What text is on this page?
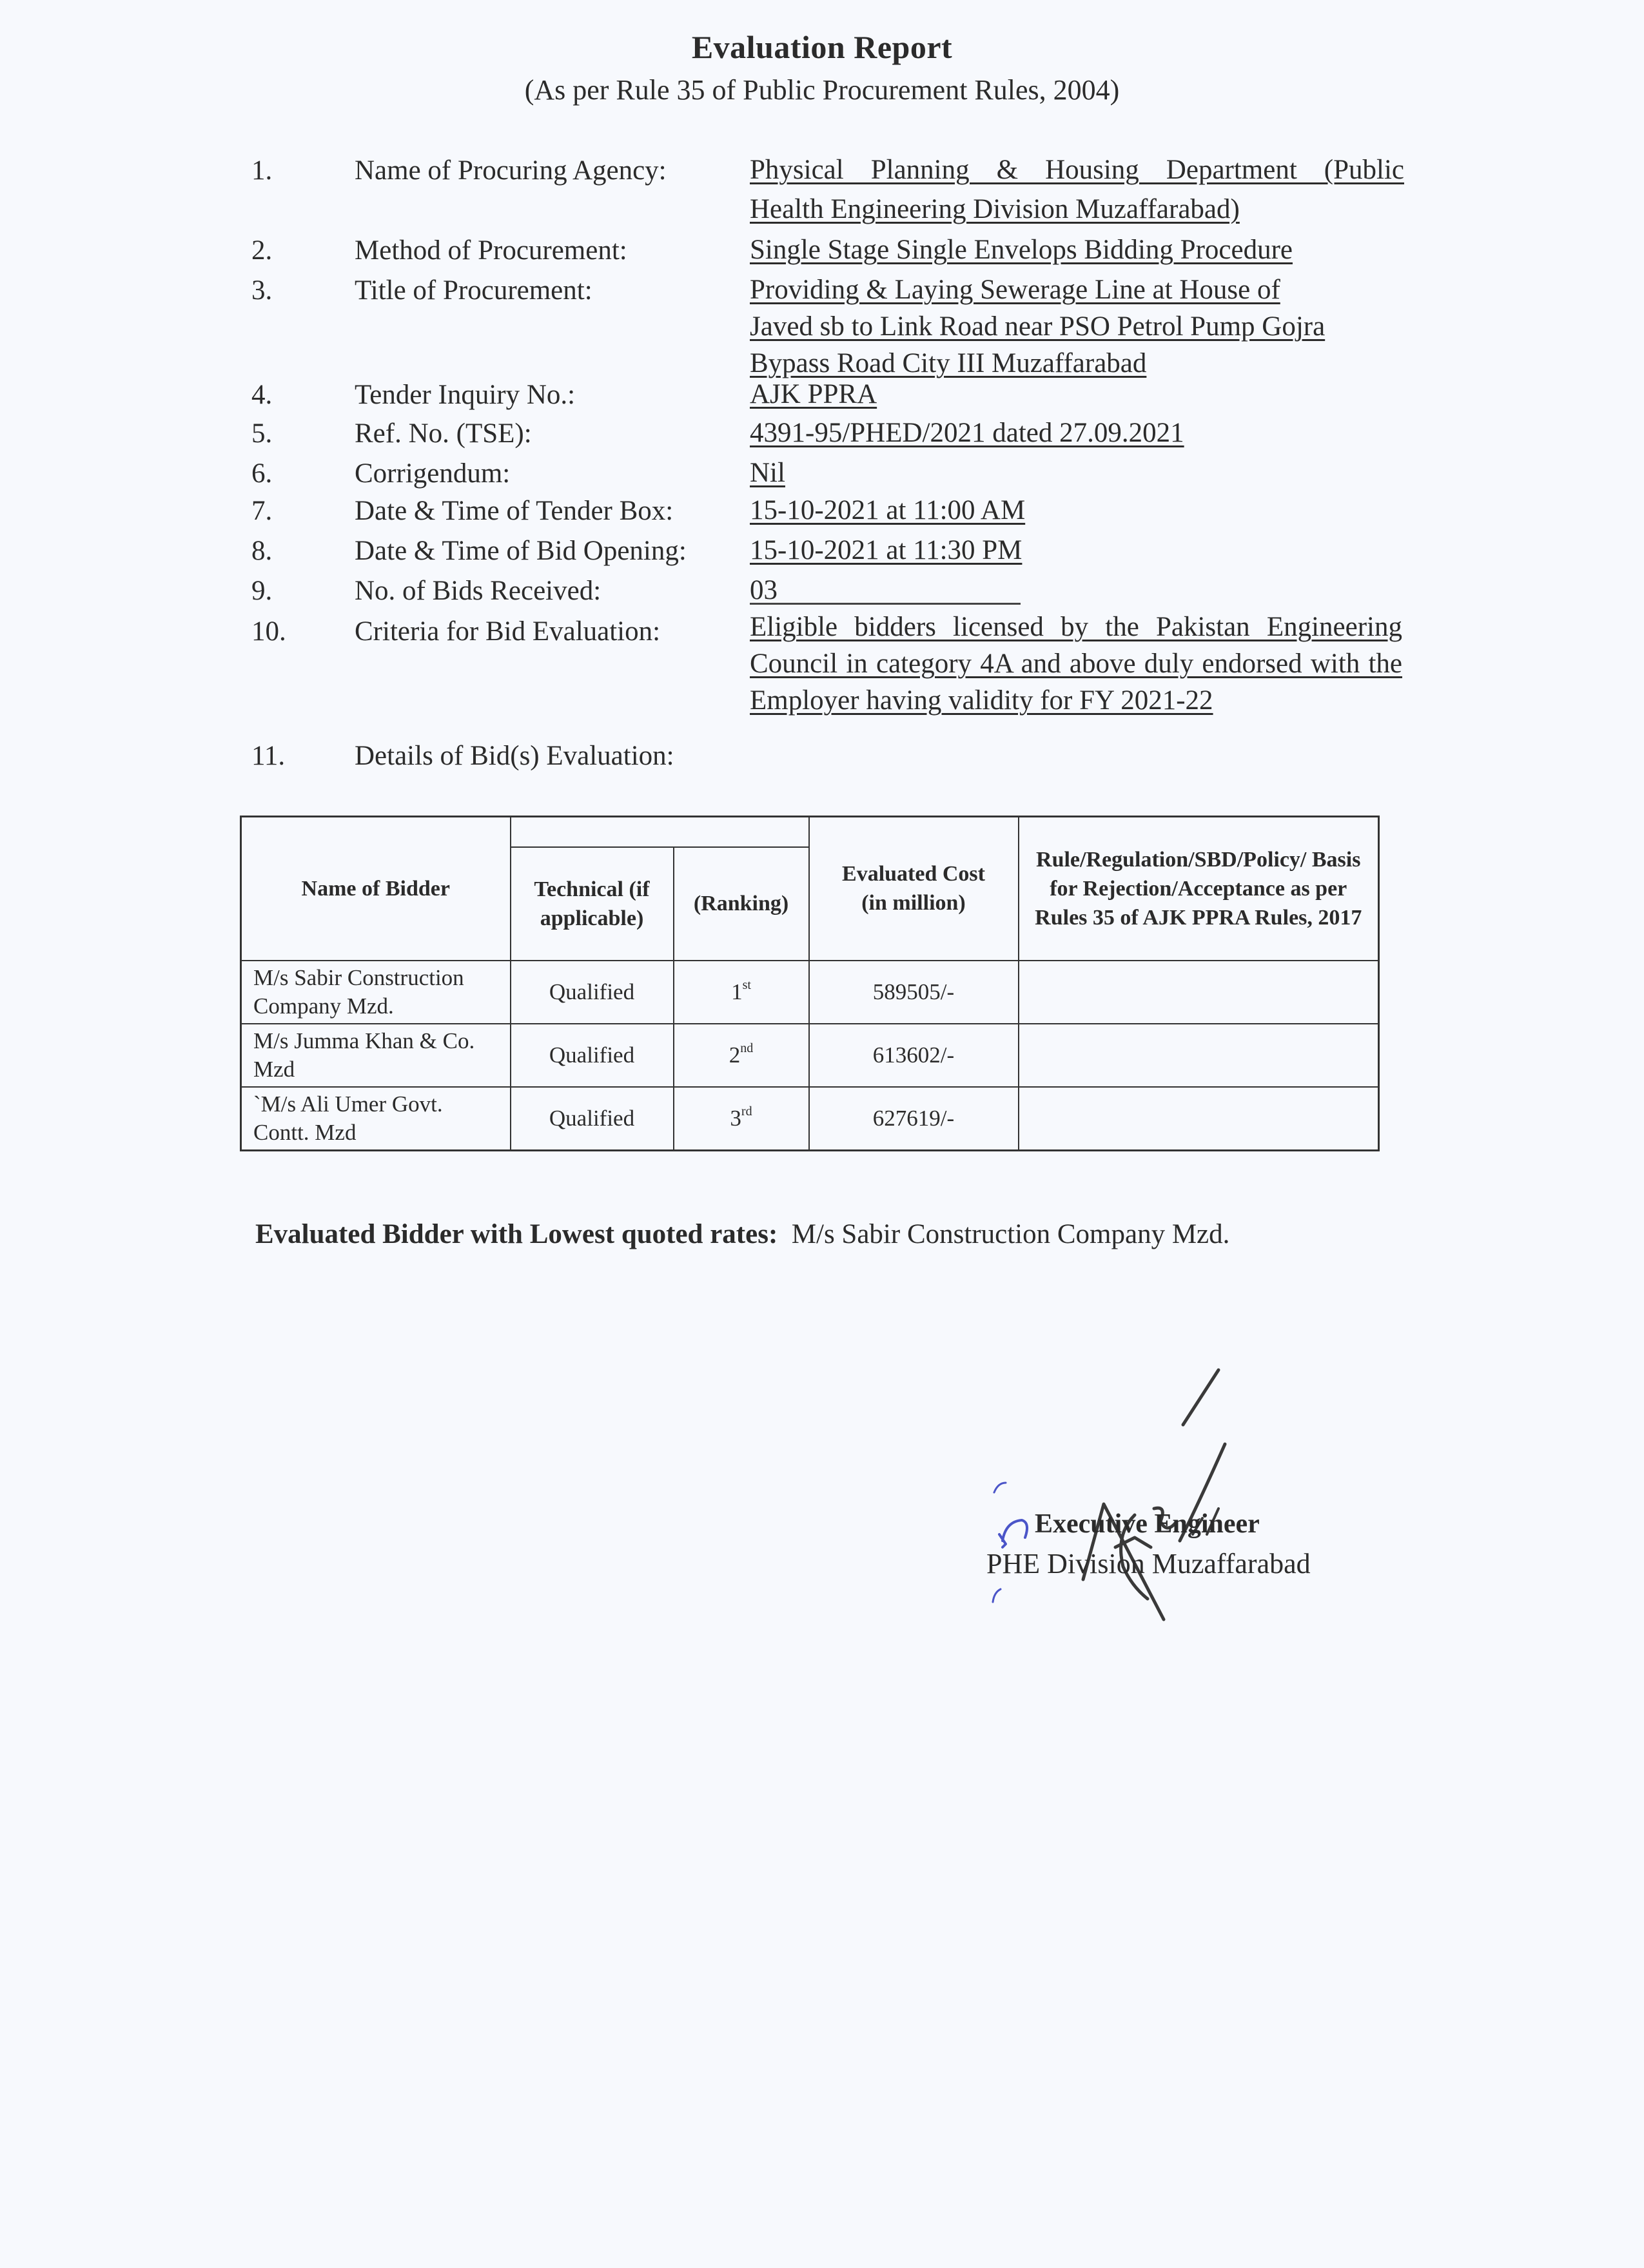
Evaluation Report
(As per Rule 35 of Public Procurement Rules, 2004)
1.	Name of Procuring Agency:	Physical Planning & Housing Department (Public
Health Engineering Division Muzaffarabad)
2.	Method of Procurement:	Single Stage Single Envelops Bidding Procedure
3.	Title of Procurement:	Providing & Laying Sewerage Line at House of
Javed sb to Link Road near PSO Petrol Pump Gojra
Bypass Road City III Muzaffarabad
4.	Tender Inquiry No.:	AJK PPRA
5.	Ref. No. (TSE):	4391-95/PHED/2021 dated 27.09.2021
6.	Corrigendum:	Nil
7.	Date & Time of Tender Box:	15-10-2021 at 11:00 AM
8.	Date & Time of Bid Opening: 15-10-2021 at 11:30 PM
9.	No. of Bids Received:	03
10. Criteria for Bid Evaluation:	Eligible bidders licensed by the Pakistan Engineering
Council in category 4A and above duly endorsed with the
Employer having validity for FY 2021-22
11.	Details of Bid(s) Evaluation:
Name of Bidder			Evaluated Cost (in million)	Rule/Regulation/SBD/Policy/ Basis for Rejection/Acceptance as per Rules 35 of AJK PPRA Rules, 2017
	Technical (if applicable)	(Ranking)		
M/s Sabir Construction Company Mzd.	Qualified	1st	589505/-	
M/s Jumma Khan & Co. Mzd	Qualified	2nd	613602/-	
`M/s Ali Umer Govt. Contt. Mzd	Qualified	3rd	627619/-	
Evaluated Bidder with Lowest quoted rates: M/s Sabir Construction Company Mzd.
Executive Engineer
PHE Division Muzaffarabad
